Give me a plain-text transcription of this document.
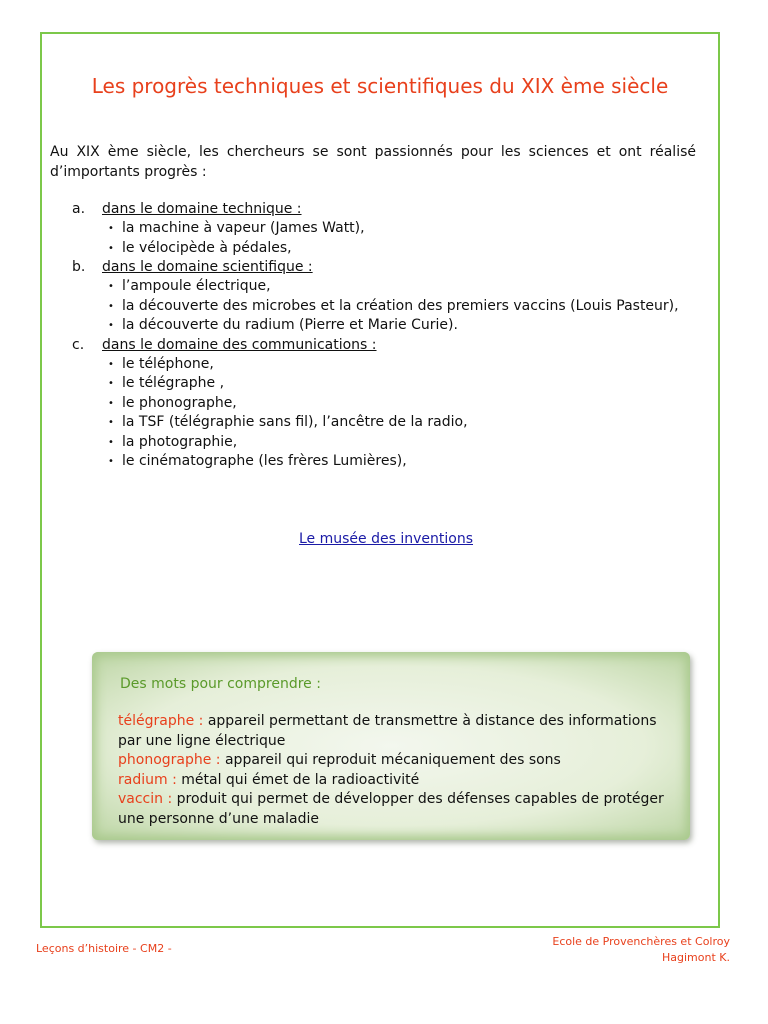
Les progrès techniques et scientifiques du XIX ème siècle

Au XIX ème siècle, les chercheurs se sont passionnés pour les sciences et ont réalisé d’importants progrès :

a.	dans le domaine technique :
• la machine à vapeur (James Watt),
• le vélocipède à pédales,
b.	dans le domaine scientifique :
• l’ampoule électrique,
• la découverte des microbes et la création des premiers vaccins (Louis Pasteur),
• la découverte du radium (Pierre et Marie Curie).
c.	dans le domaine des communications :
• le téléphone,
• le télégraphe ,
• le phonographe,
• la TSF (télégraphie sans fil), l’ancêtre de la radio,
• la photographie,
• le cinématographe (les frères Lumières),
Le musée des inventions
Des mots pour comprendre :

télégraphe : appareil permettant de transmettre à distance des informations par une ligne électrique

phonographe : appareil qui reproduit mécaniquement des sons

radium : métal qui émet de la radioactivité

vaccin : produit qui permet de développer des défenses capables de protéger une personne d’une maladie

Leçons d’histoire - CM2 -
Ecole de Provenchères et Colroy
Hagimont K.
